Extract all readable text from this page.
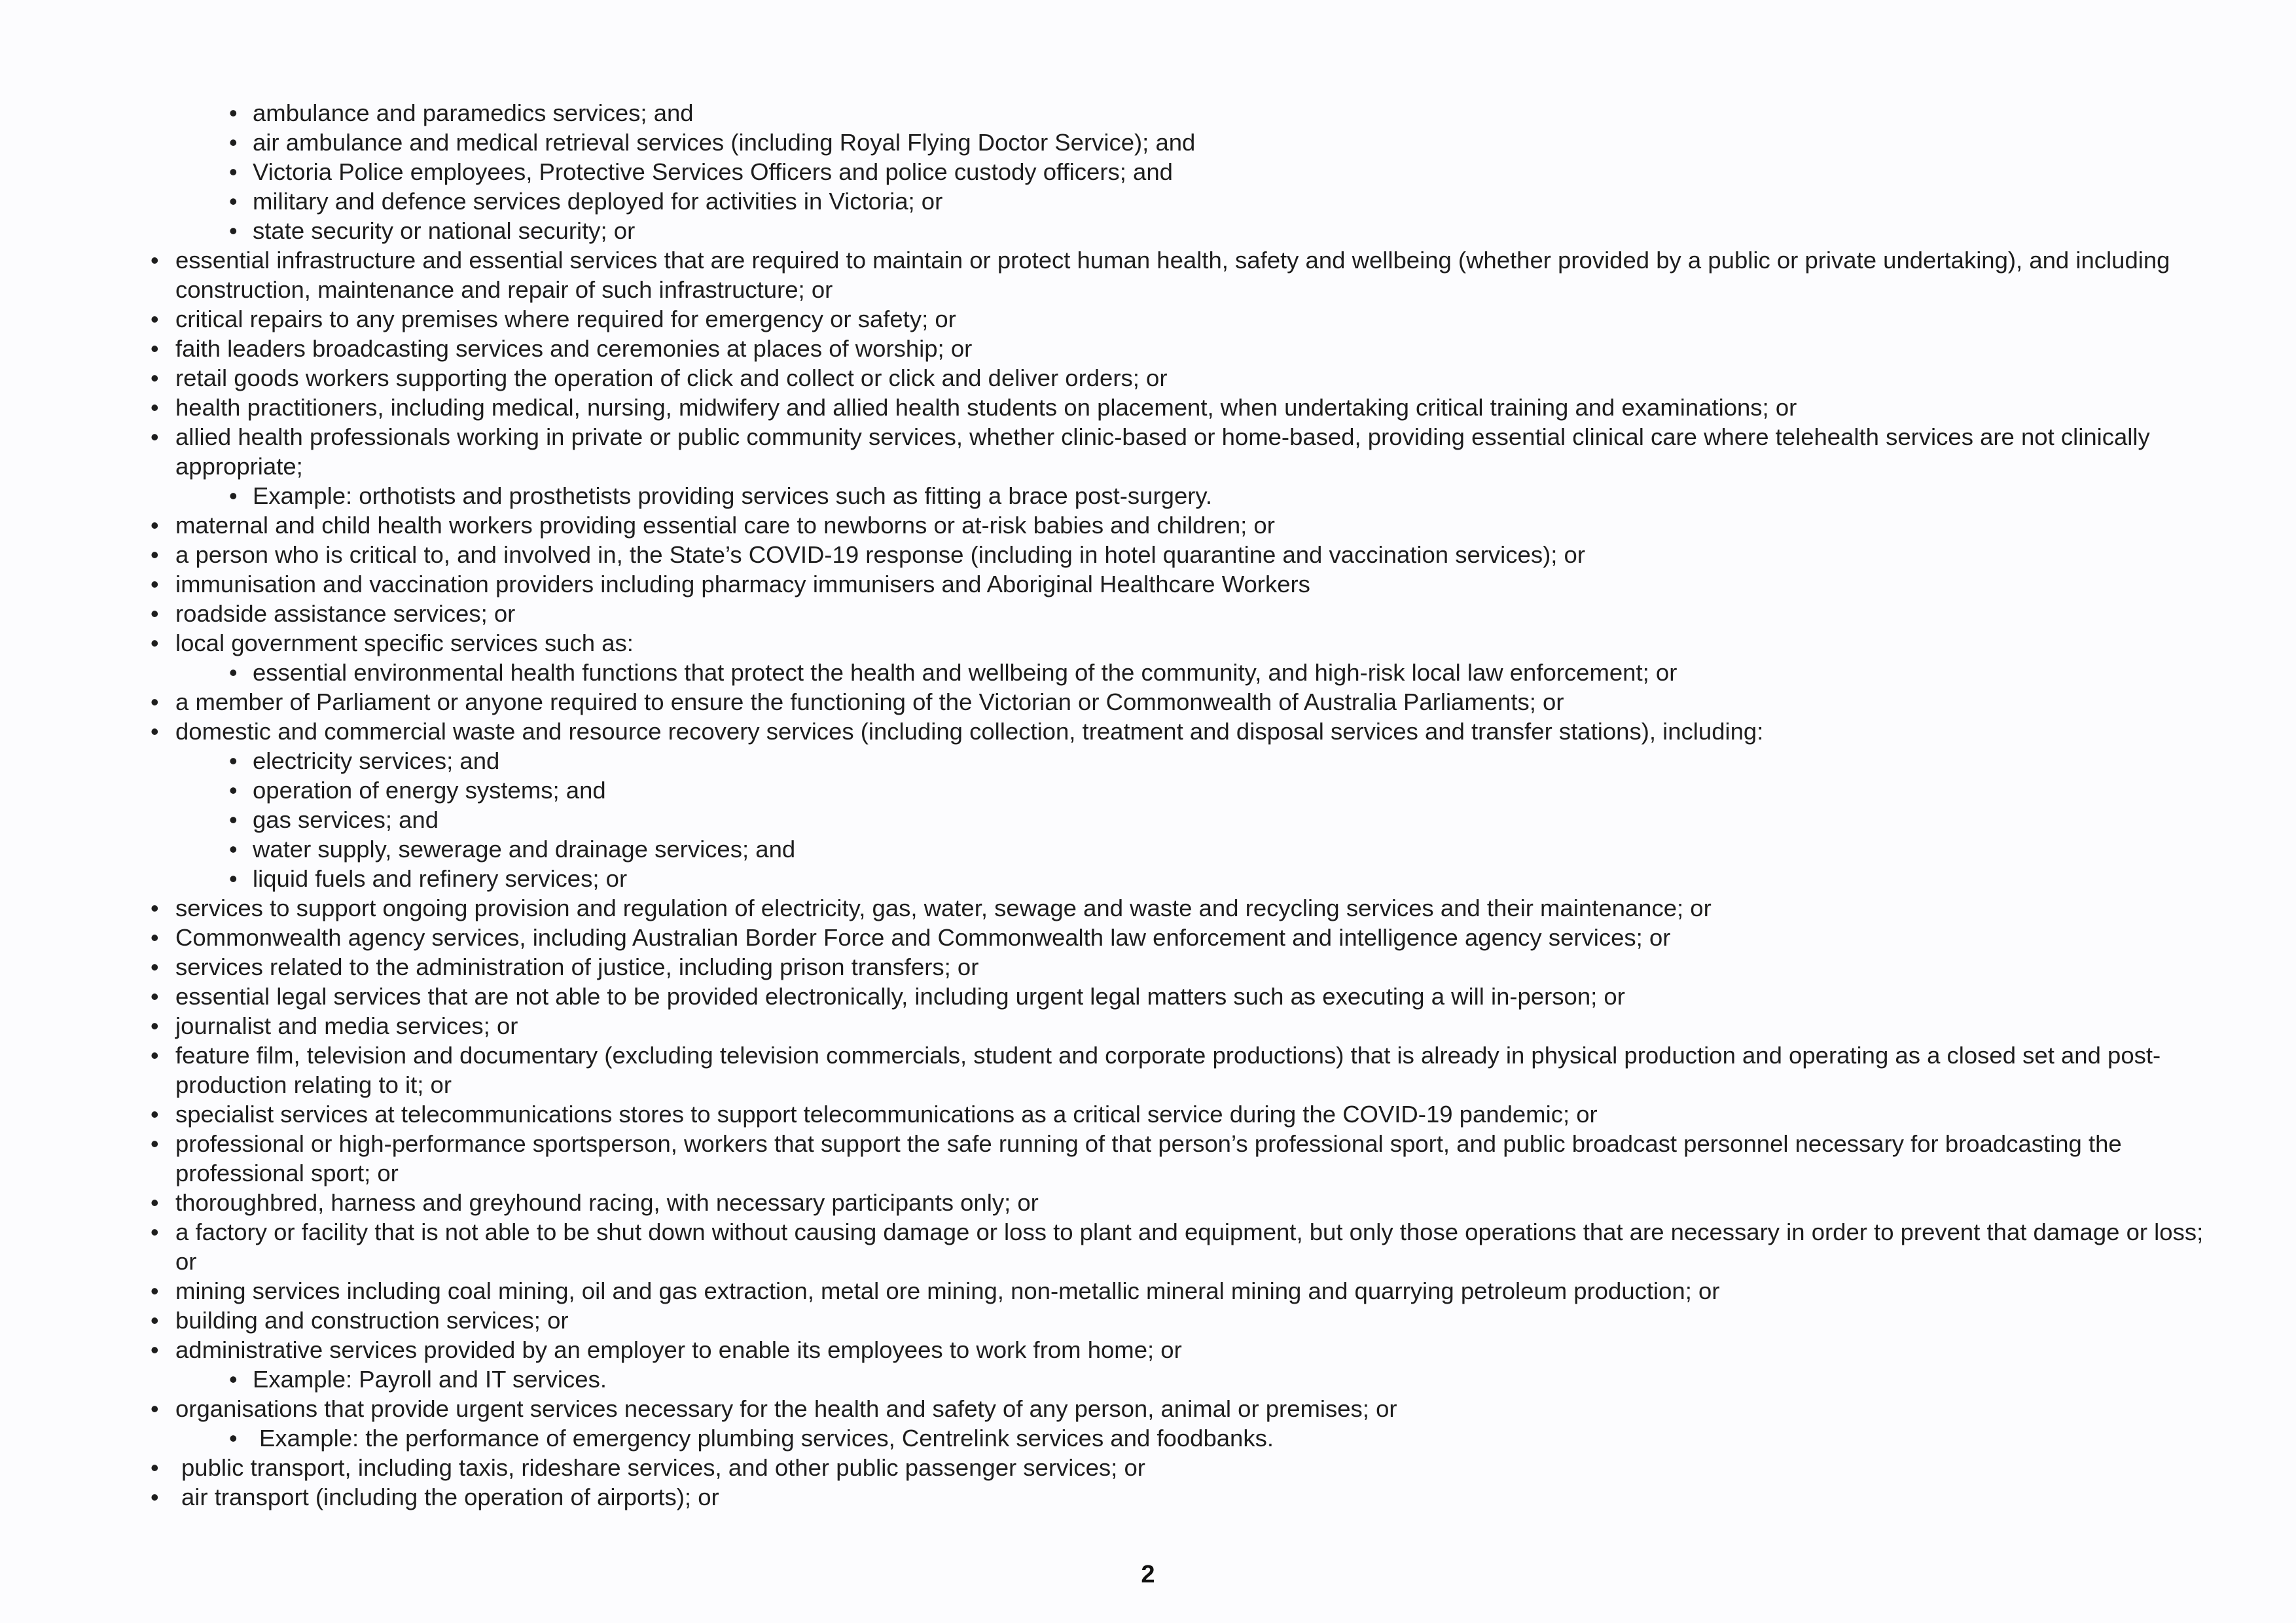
• ambulance and paramedics services; and
• air ambulance and medical retrieval services (including Royal Flying Doctor Service); and
• Victoria Police employees, Protective Services Officers and police custody officers; and
• military and defence services deployed for activities in Victoria; or
• state security or national security; or
• essential infrastructure and essential services that are required to maintain or protect human health, safety and wellbeing (whether provided by a public or private undertaking), and including construction, maintenance and repair of such infrastructure; or
• critical repairs to any premises where required for emergency or safety; or
• faith leaders broadcasting services and ceremonies at places of worship; or
• retail goods workers supporting the operation of click and collect or click and deliver orders; or
• health practitioners, including medical, nursing, midwifery and allied health students on placement, when undertaking critical training and examinations; or
• allied health professionals working in private or public community services, whether clinic-based or home-based, providing essential clinical care where telehealth services are not clinically appropriate;
• Example: orthotists and prosthetists providing services such as fitting a brace post-surgery.
• maternal and child health workers providing essential care to newborns or at-risk babies and children; or
• a person who is critical to, and involved in, the State’s COVID-19 response (including in hotel quarantine and vaccination services); or
• immunisation and vaccination providers including pharmacy immunisers and Aboriginal Healthcare Workers
• roadside assistance services; or
• local government specific services such as:
• essential environmental health functions that protect the health and wellbeing of the community, and high-risk local law enforcement; or
• a member of Parliament or anyone required to ensure the functioning of the Victorian or Commonwealth of Australia Parliaments; or
• domestic and commercial waste and resource recovery services (including collection, treatment and disposal services and transfer stations), including:
• electricity services; and
• operation of energy systems; and
• gas services; and
• water supply, sewerage and drainage services; and
• liquid fuels and refinery services; or
• services to support ongoing provision and regulation of electricity, gas, water, sewage and waste and recycling services and their maintenance; or
• Commonwealth agency services, including Australian Border Force and Commonwealth law enforcement and intelligence agency services; or
• services related to the administration of justice, including prison transfers; or
• essential legal services that are not able to be provided electronically, including urgent legal matters such as executing a will in-person; or
• journalist and media services; or
• feature film, television and documentary (excluding television commercials, student and corporate productions) that is already in physical production and operating as a closed set and post-production relating to it; or
• specialist services at telecommunications stores to support telecommunications as a critical service during the COVID-19 pandemic; or
• professional or high-performance sportsperson, workers that support the safe running of that person’s professional sport, and public broadcast personnel necessary for broadcasting the professional sport; or
• thoroughbred, harness and greyhound racing, with necessary participants only; or
• a factory or facility that is not able to be shut down without causing damage or loss to plant and equipment, but only those operations that are necessary in order to prevent that damage or loss; or
• mining services including coal mining, oil and gas extraction, metal ore mining, non-metallic mineral mining and quarrying petroleum production; or
• building and construction services; or
• administrative services provided by an employer to enable its employees to work from home; or
• Example: Payroll and IT services.
• organisations that provide urgent services necessary for the health and safety of any person, animal or premises; or
• Example: the performance of emergency plumbing services, Centrelink services and foodbanks.
• public transport, including taxis, rideshare services, and other public passenger services; or
• air transport (including the operation of airports); or
2
